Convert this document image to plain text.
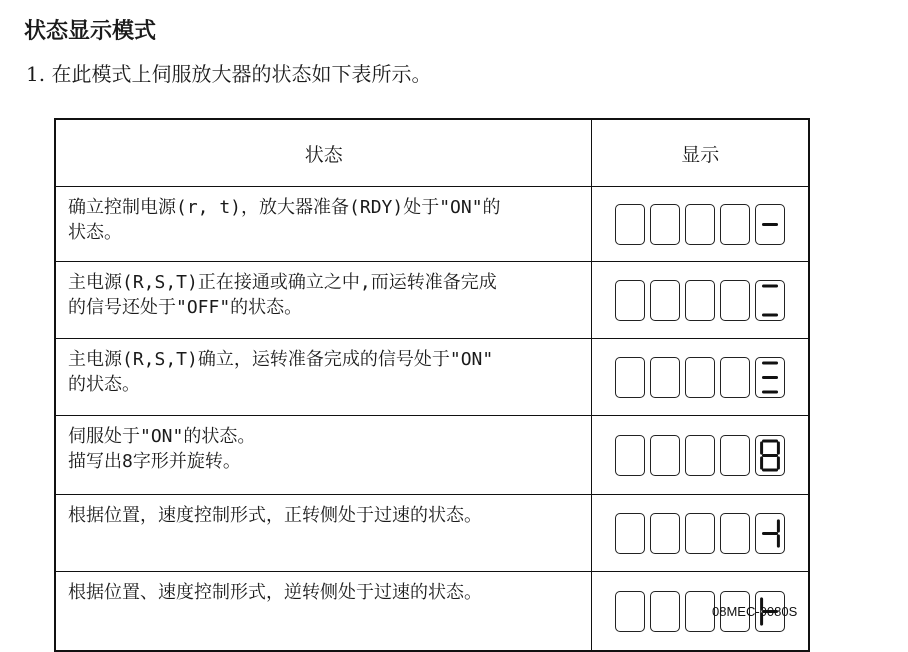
状态显示模式
1. 在此模式上伺服放大器的状态如下表所示。
状态	显示

确立控制电源(r, t)，放大器准备(RDY)处于"ON"的
状态。

主电源(R,S,T)正在接通或确立之中,而运转准备完成
的信号还处于"OFF"的状态。

主电源(R,S,T)确立，运转准备完成的信号处于"ON"
的状态。

伺服处于"ON"的状态。
描写出8字形并旋转。

根据位置，速度控制形式，正转侧处于过速的状态。

根据位置、速度控制形式，逆转侧处于过速的状态。

08MEC-0080S
